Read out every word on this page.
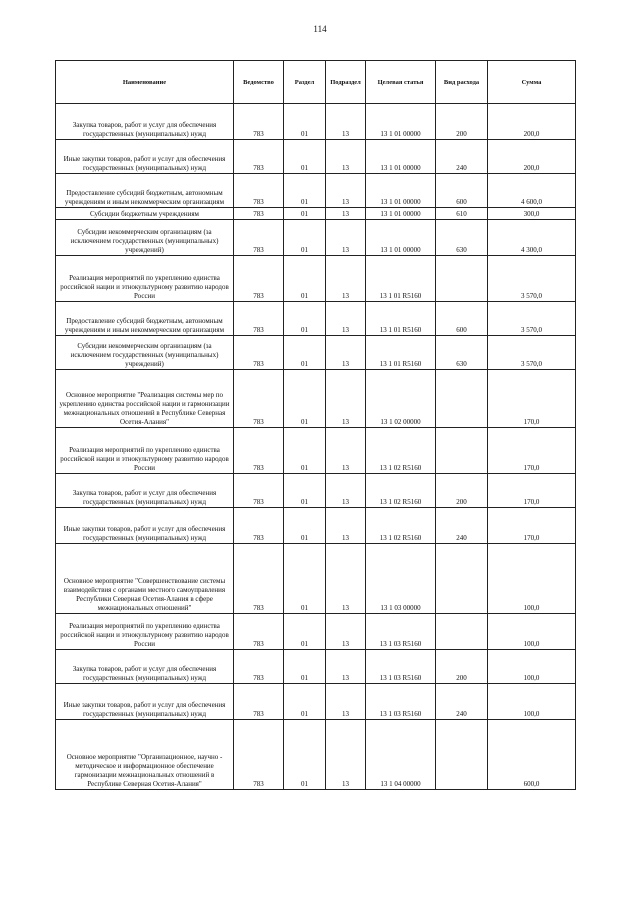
114
Наименование	Ведомство	Раздел	Подраздел	Целевая статья	Вид расхода	Сумма
Закупка товаров, работ и услуг для обеспечения государственных (муниципальных) нужд	783	01	13	13 1 01 00000	200	200,0
Иные закупки товаров, работ и услуг для обеспечения государственных (муниципальных) нужд	783	01	13	13 1 01 00000	240	200,0
Предоставление субсидий бюджетным, автономным учреждениям и иным некоммерческим организациям	783	01	13	13 1 01 00000	600	4 600,0
Субсидии бюджетным учреждениям	783	01	13	13 1 01 00000	610	300,0
Субсидии некоммерческим организациям (за исключением государственных (муниципальных) учреждений)	783	01	13	13 1 01 00000	630	4 300,0
Реализация мероприятий по укреплению единства российской нации и этнокультурному развитию народов России	783	01	13	13 1 01 R5160		3 570,0
Предоставление субсидий бюджетным, автономным учреждениям и иным некоммерческим организациям	783	01	13	13 1 01 R5160	600	3 570,0
Субсидии некоммерческим организациям (за исключением государственных (муниципальных) учреждений)	783	01	13	13 1 01 R5160	630	3 570,0
Основное мероприятие "Реализация системы мер по укреплению единства российской нации и гармонизации межнациональных отношений в Республике Северная Осетия-Алания"	783	01	13	13 1 02 00000		170,0
Реализация мероприятий по укреплению единства российской нации и этнокультурному развитию народов России	783	01	13	13 1 02 R5160		170,0
Закупка товаров, работ и услуг для обеспечения государственных (муниципальных) нужд	783	01	13	13 1 02 R5160	200	170,0
Иные закупки товаров, работ и услуг для обеспечения государственных (муниципальных) нужд	783	01	13	13 1 02 R5160	240	170,0
Основное мероприятие "Совершенствование системы взаимодействия с органами местного самоуправления Республики Северная Осетия-Алания в сфере межнациональных отношений"	783	01	13	13 1 03 00000		100,0
Реализация мероприятий по укреплению единства российской нации и этнокультурному развитию народов России	783	01	13	13 1 03 R5160		100,0
Закупка товаров, работ и услуг для обеспечения государственных (муниципальных) нужд	783	01	13	13 1 03 R5160	200	100,0
Иные закупки товаров, работ и услуг для обеспечения государственных (муниципальных) нужд	783	01	13	13 1 03 R5160	240	100,0
Основное мероприятие "Организационное, научно - методическое и информационное обеспечение гармонизации межнациональных отношений в Республике Северная Осетия-Алания"	783	01	13	13 1 04 00000		600,0
